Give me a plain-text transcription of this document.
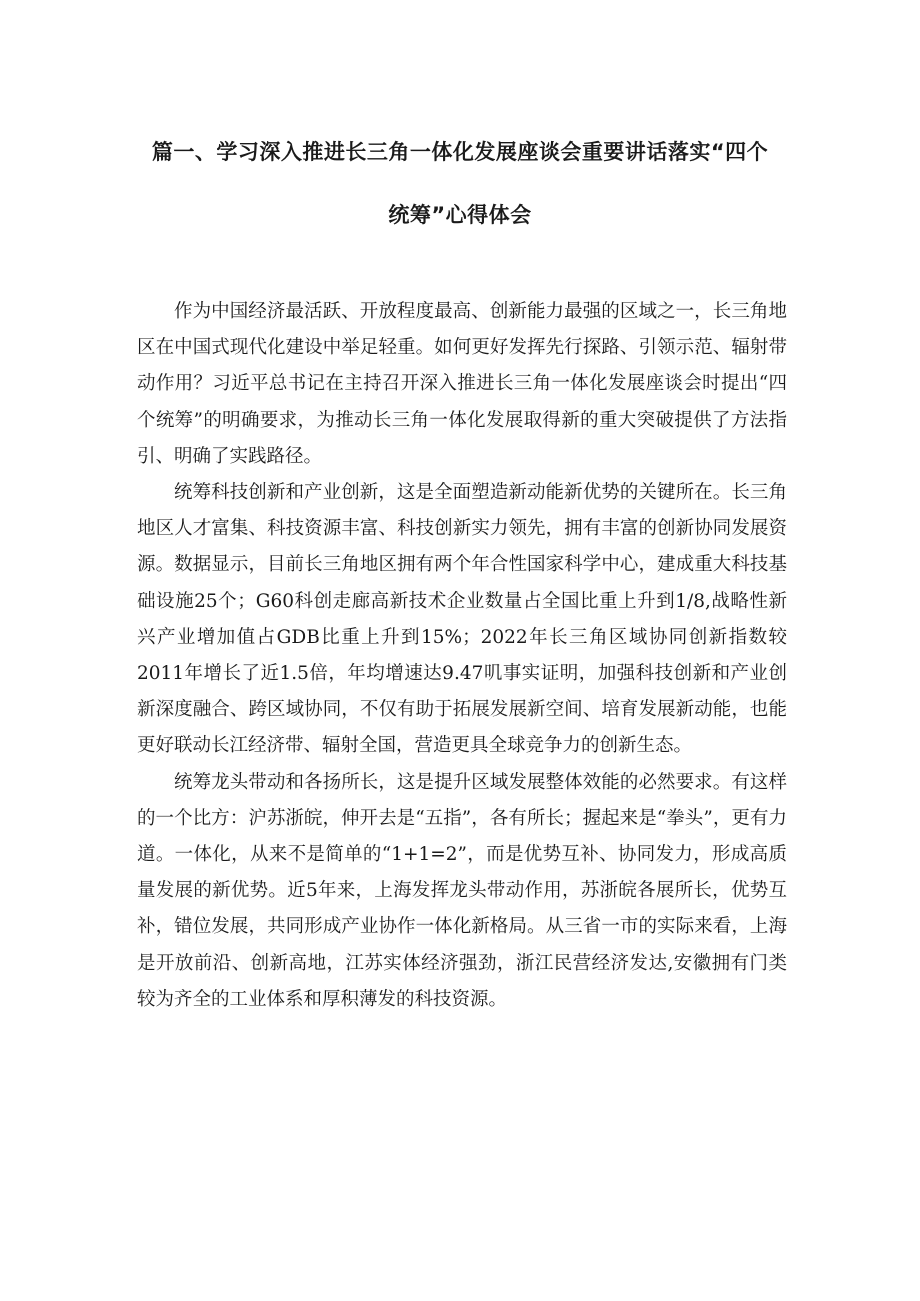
篇一、学习深入推进长三角一体化发展座谈会重要讲话落实“四个
统筹”心得体会

作为中国经济最活跃、开放程度最高、创新能力最强的区域之一，长三角地区在中国式现代化建设中举足轻重。如何更好发挥先行探路、引领示范、辐射带动作用？习近平总书记在主持召开深入推进长三角一体化发展座谈会时提出“四个统筹”的明确要求，为推动长三角一体化发展取得新的重大突破提供了方法指引、明确了实践路径。

统筹科技创新和产业创新，这是全面塑造新动能新优势的关键所在。长三角地区人才富集、科技资源丰富、科技创新实力领先，拥有丰富的创新协同发展资源。数据显示，目前长三角地区拥有两个年合性国家科学中心，建成重大科技基础设施25个；G60科创走廊高新技术企业数量占全国比重上升到1/8,战略性新兴产业增加值占GDB比重上升到15%；2022年长三角区域协同创新指数较2011年增长了近1.5倍，年均增速达9.47叽事实证明，加强科技创新和产业创新深度融合、跨区域协同，不仅有助于拓展发展新空间、培育发展新动能，也能更好联动长江经济带、辐射全国，营造更具全球竞争力的创新生态。

统筹龙头带动和各扬所长，这是提升区域发展整体效能的必然要求。有这样的一个比方：沪苏浙皖，伸开去是“五指”，各有所长；握起来是“拳头”，更有力道。一体化，从来不是简单的“1+1=2”，而是优势互补、协同发力，形成高质量发展的新优势。近5年来，上海发挥龙头带动作用，苏浙皖各展所长，优势互补，错位发展，共同形成产业协作一体化新格局。从三省一市的实际来看，上海是开放前沿、创新高地，江苏实体经济强劲，浙江民营经济发达,安徽拥有门类较为齐全的工业体系和厚积薄发的科技资源。
